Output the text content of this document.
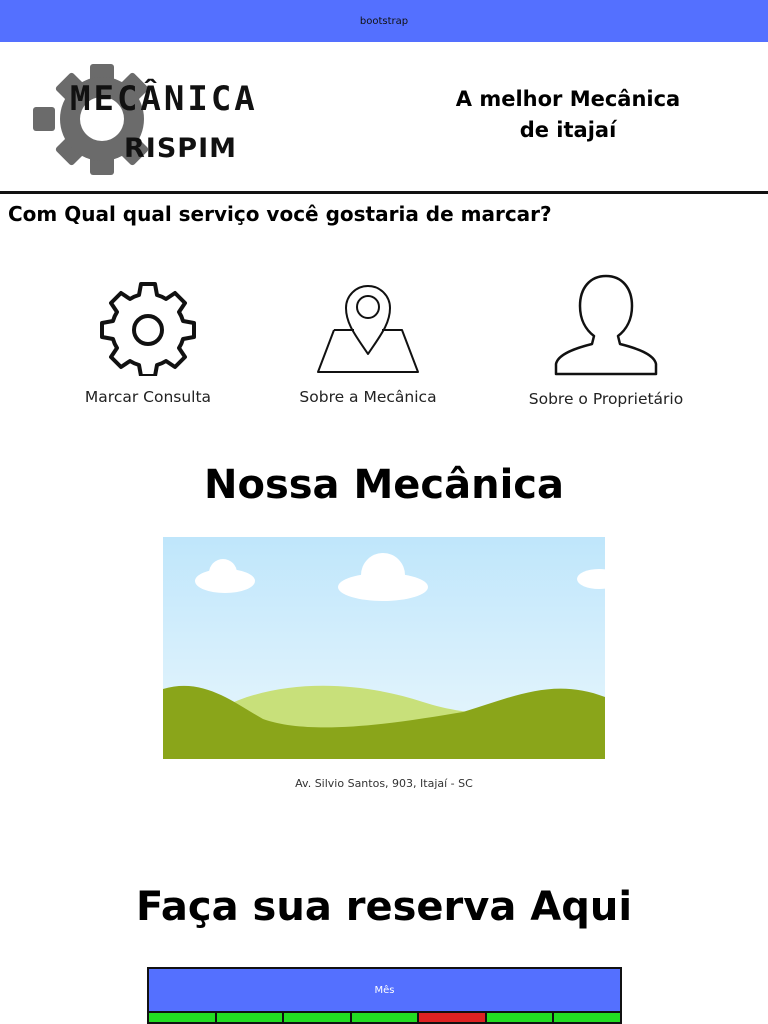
bootstrap
MECÂNICA
RISPIM
A melhor Mecânica
de itajaí
Com Qual qual serviço você gostaria de marcar?
Marcar Consulta	Sobre a Mecânica	Sobre o Proprietário
Nossa Mecânica
Av. Silvio Santos, 903, Itajaí - SC
Faça sua reserva Aqui
Mês
